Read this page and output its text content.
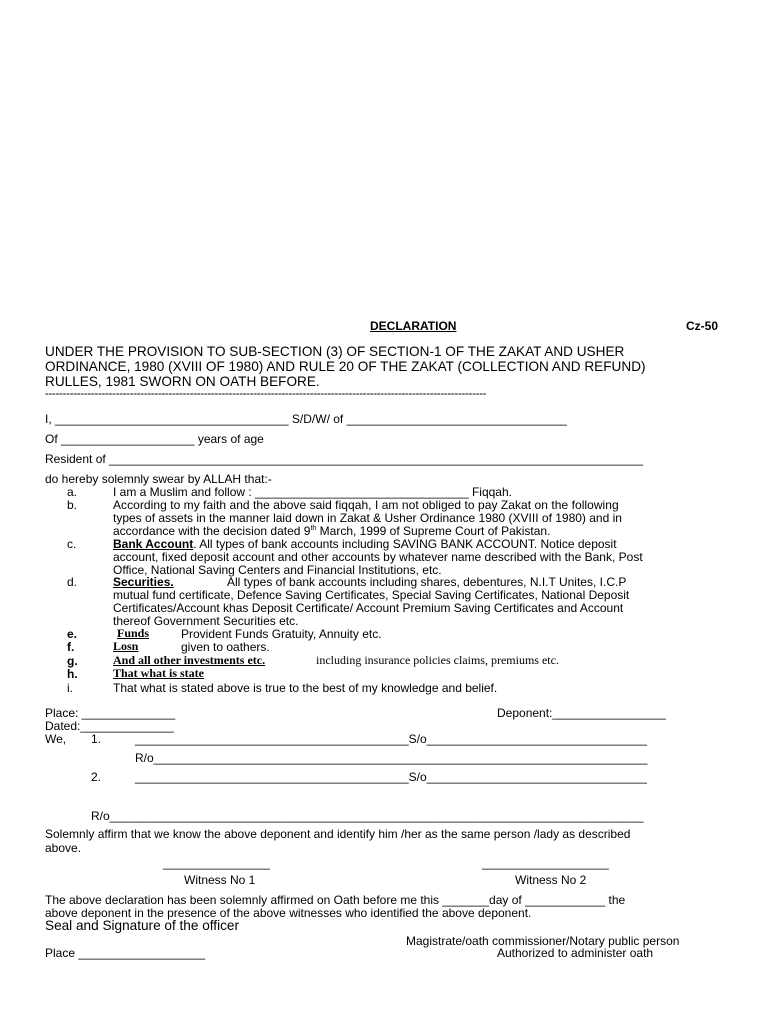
DECLARATION	Cz-50
UNDER THE PROVISION TO SUB-SECTION (3) OF SECTION-1 OF THE ZAKAT AND USHER
ORDINANCE, 1980 (XVIII OF 1980) AND RULE 20 OF THE ZAKAT (COLLECTION AND REFUND)
RULLES, 1981 SWORN ON OATH BEFORE.
-----------------------------------------------------------------------------------------------------------------------------
I, ___________________________________ S/D/W/ of _________________________________
Of ____________________ years of age
Resident of ________________________________________________________________________________
do hereby solemnly swear by ALLAH that:-
a.	I am a Muslim and follow : ________________________________ Fiqqah.
b.	According to my faith and the above said fiqqah, I am not obliged to pay Zakat on the following
types of assets in the manner laid down in Zakat & Usher Ordinance 1980 (XVIII of 1980) and in
accordance with the decision dated 9th March, 1999 of Supreme Court of Pakistan.
c.	Bank Account. All types of bank accounts including SAVING BANK ACCOUNT. Notice deposit
account, fixed deposit account and other accounts by whatever name described with the Bank, Post
Office, National Saving Centers and Financial Institutions, etc.
d.	Securities.	All types of bank accounts including shares, debentures, N.I.T Unites, I.C.P
mutual fund certificate, Defence Saving Certificates, Special Saving Certificates, National Deposit
Certificates/Account khas Deposit Certificate/ Account Premium Saving Certificates and Account
thereof Government Securities etc.
e.	Funds	Provident Funds Gratuity, Annuity etc.
f.	Losn	given to oathers.
g.	And all other investments etc.	including insurance policies claims, premiums etc.
h.	That what is state
i.	That what is stated above is true to the best of my knowledge and belief.
Place: ______________	Deponent:_________________
Dated:______________
We, 1.	_________________________________________S/o_________________________________
R/o__________________________________________________________________________
2.	_________________________________________S/o_________________________________
R/o________________________________________________________________________________
Solemnly affirm that we know the above deponent and identify him /her as the same person /lady as described
above.
________________
Witness No 1
___________________
Witness No 2
The above declaration has been solemnly affirmed on Oath before me this _______day of ____________ the
above deponent in the presence of the above witnesses who identified the above deponent.
Seal and Signature of the officer
Magistrate/oath commissioner/Notary public person
Place ___________________	Authorized to administer oath
